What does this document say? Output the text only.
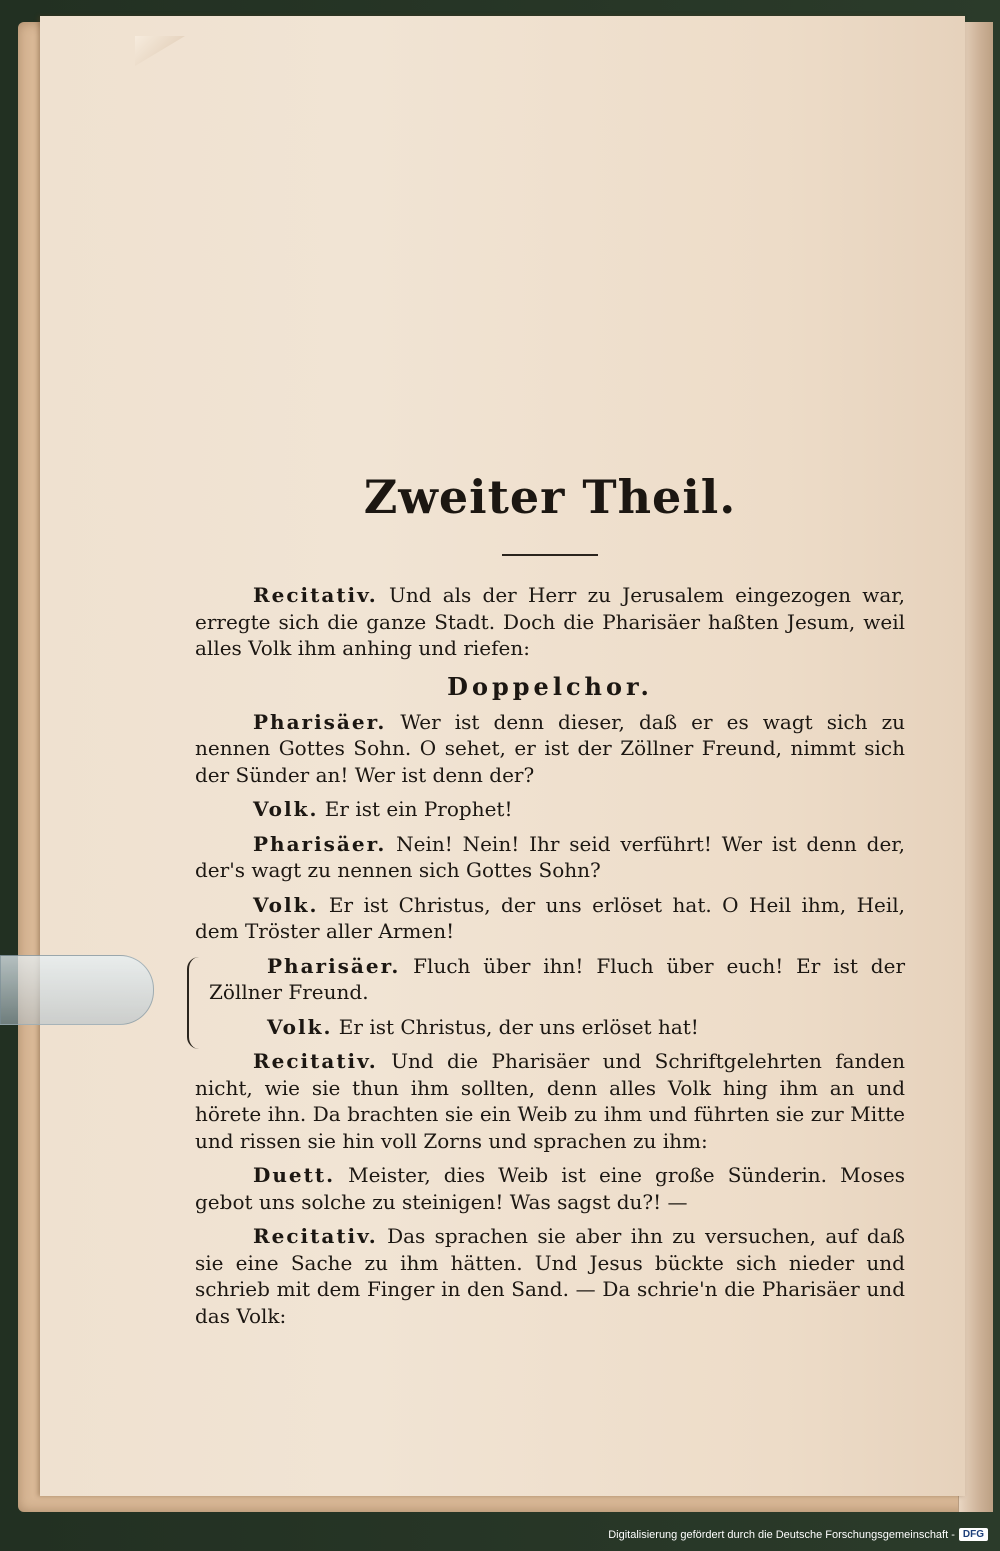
Zweiter Theil.

Recitativ. Und als der Herr zu Jerusalem eingezogen war, erregte sich die ganze Stadt. Doch die Pharisäer haßten Jesum, weil alles Volk ihm anhing und riefen:

Doppelchor.

Pharisäer. Wer ist denn dieser, daß er es wagt sich zu nennen Gottes Sohn. O sehet, er ist der Zöllner Freund, nimmt sich der Sünder an! Wer ist denn der?

Volk. Er ist ein Prophet!

Pharisäer. Nein! Nein! Ihr seid verführt! Wer ist denn der, der's wagt zu nennen sich Gottes Sohn?

Volk. Er ist Christus, der uns erlöset hat. O Heil ihm, Heil, dem Tröster aller Armen!

Pharisäer. Fluch über ihn! Fluch über euch! Er ist der Zöllner Freund.

Volk. Er ist Christus, der uns erlöset hat!

Recitativ. Und die Pharisäer und Schriftgelehrten fanden nicht, wie sie thun ihm sollten, denn alles Volk hing ihm an und hörete ihn. Da brachten sie ein Weib zu ihm und führten sie zur Mitte und rissen sie hin voll Zorns und sprachen zu ihm:

Duett. Meister, dies Weib ist eine große Sünderin. Moses gebot uns solche zu steinigen! Was sagst du?! —

Recitativ. Das sprachen sie aber ihn zu versuchen, auf daß sie eine Sache zu ihm hätten. Und Jesus bückte sich nieder und schrieb mit dem Finger in den Sand. — Da schrie'n die Pharisäer und das Volk:

Digitalisierung gefördert durch die Deutsche Forschungsgemeinschaft - DFG
